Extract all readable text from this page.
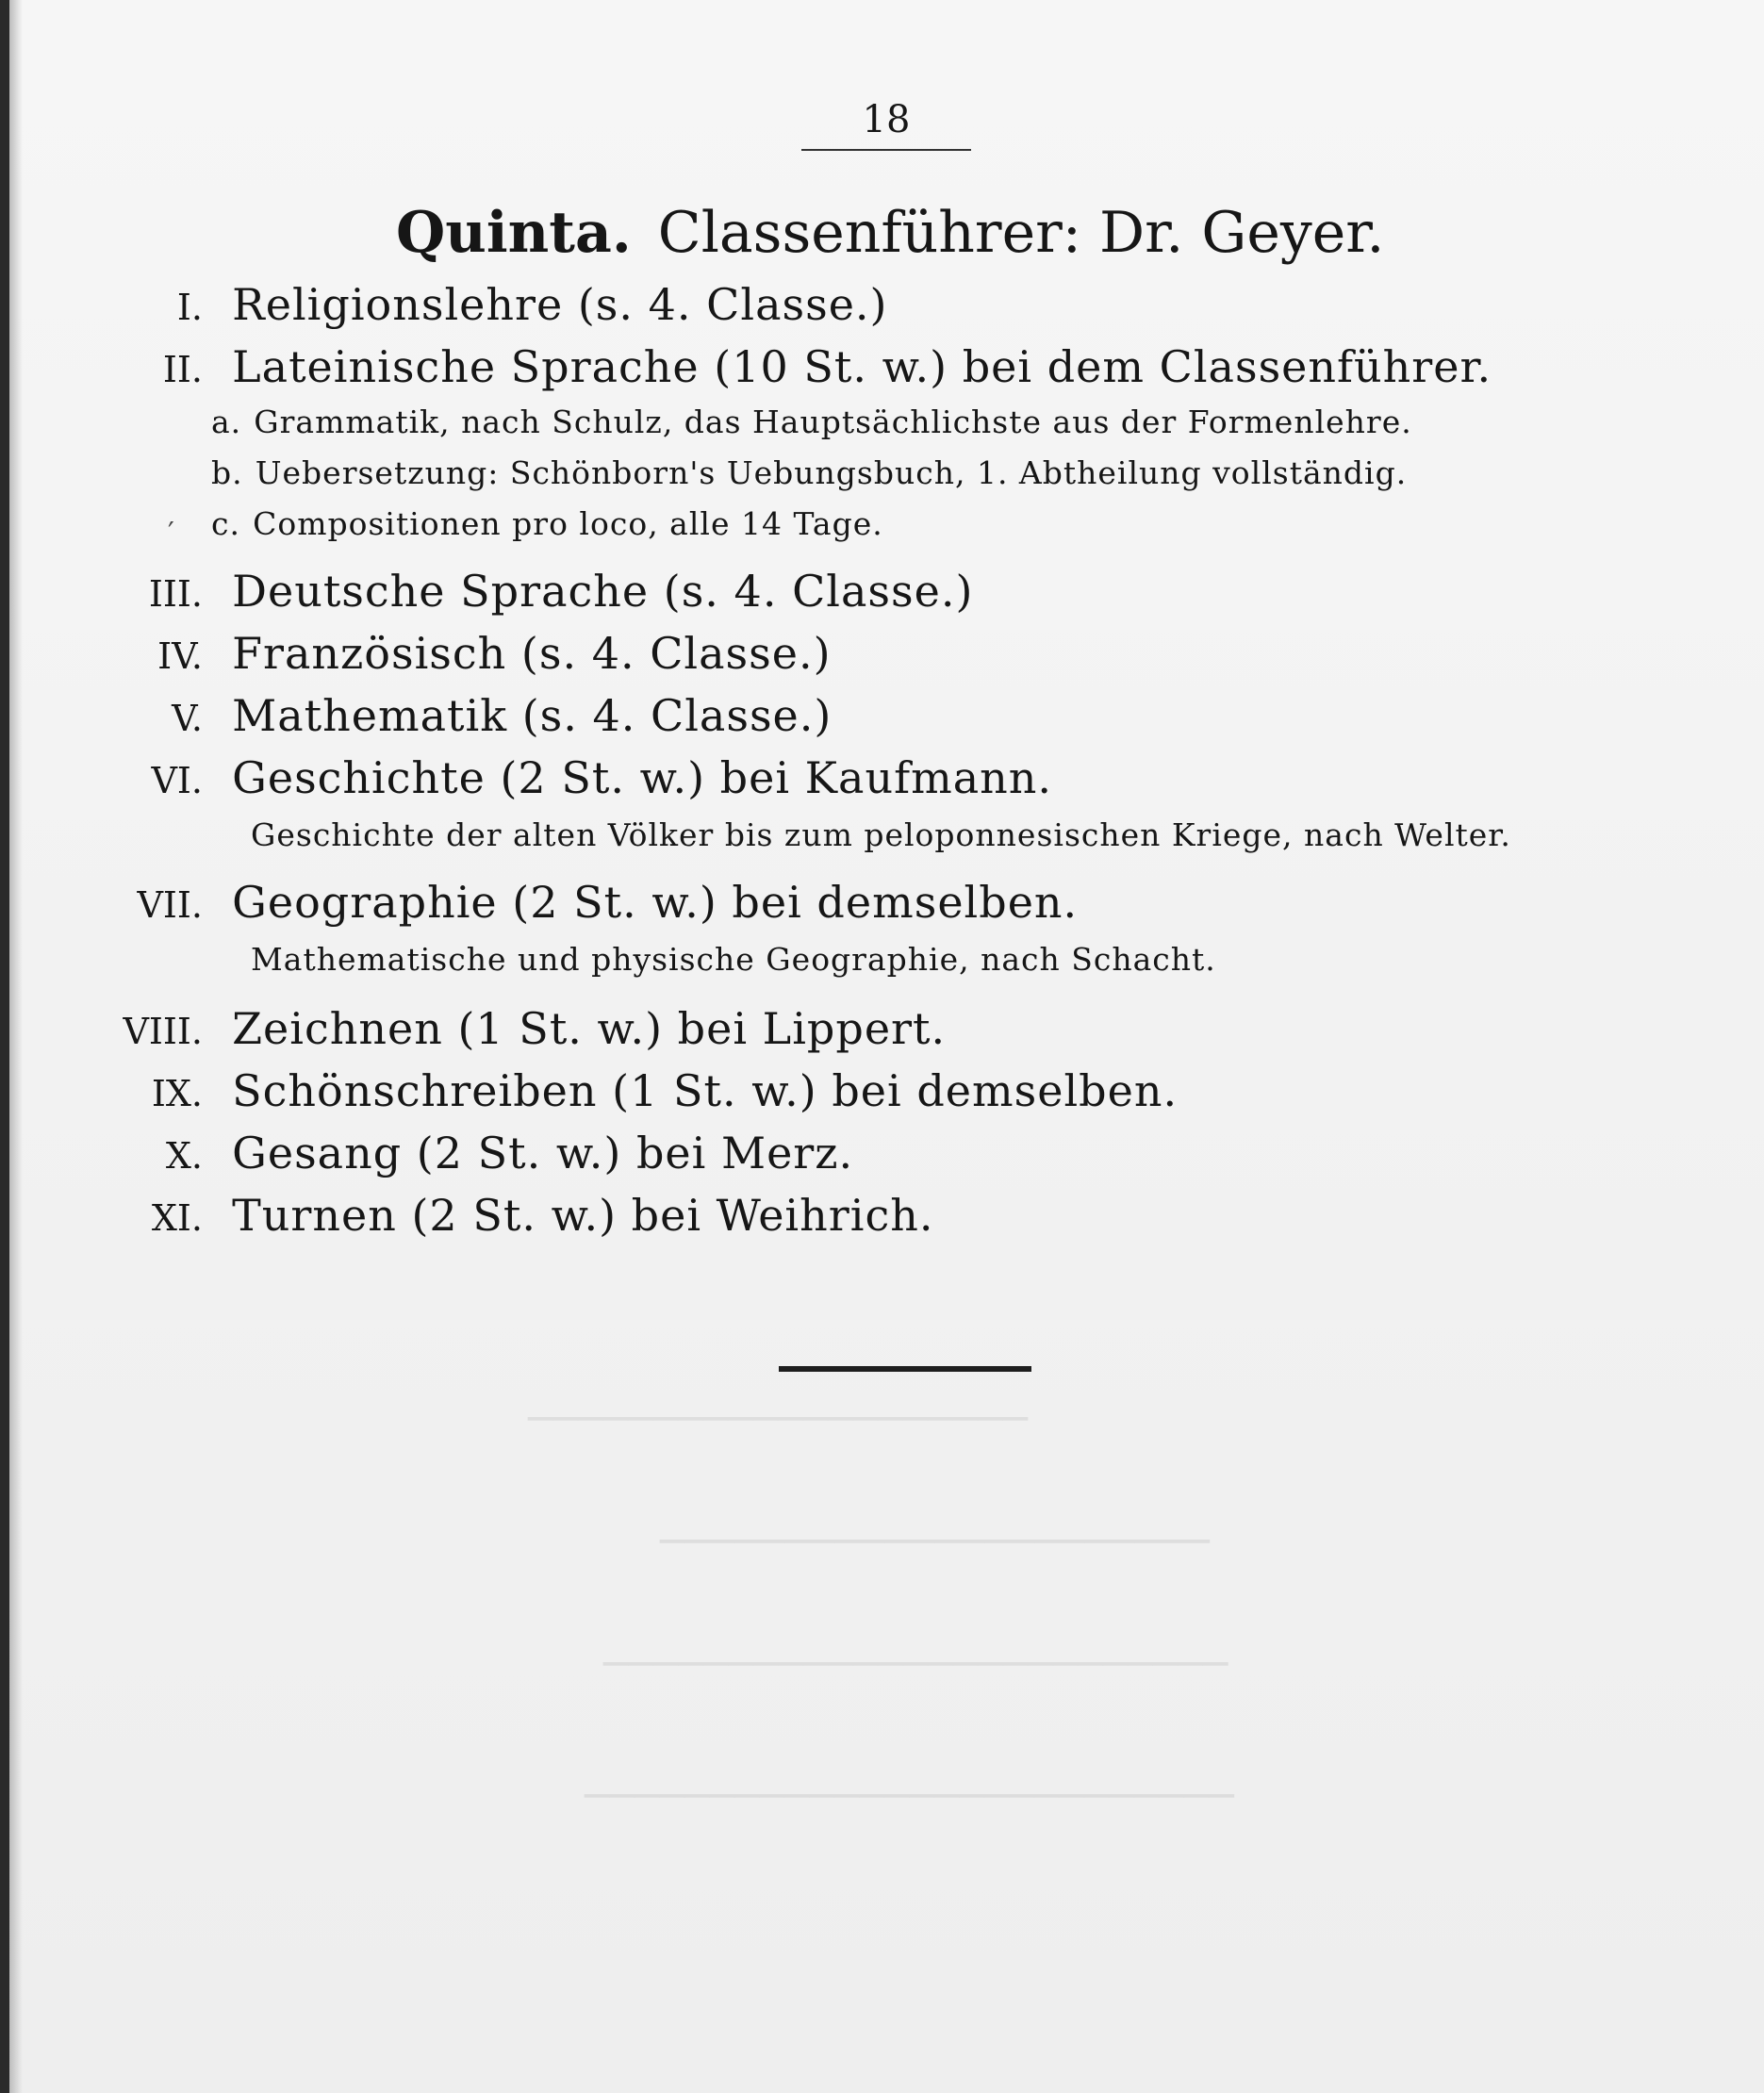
────────────────────
──────────────────────
─────────────────────────
──────────────────────────
18
Quinta. Classenführer: Dr. Geyer.
I. Religionslehre (s. 4. Classe.)
II. Lateinische Sprache (10 St. w.) bei dem Classenführer.
a. Grammatik, nach Schulz, das Hauptsächlichste aus der Formenlehre.
b. Uebersetzung: Schönborn's Uebungsbuch, 1. Abtheilung vollständig.
′ c. Compositionen pro loco, alle 14 Tage.
III. Deutsche Sprache (s. 4. Classe.)
IV. Französisch (s. 4. Classe.)
V. Mathematik (s. 4. Classe.)
VI. Geschichte (2 St. w.) bei Kaufmann.
Geschichte der alten Völker bis zum peloponnesischen Kriege, nach Welter.
VII. Geographie (2 St. w.) bei demselben.
Mathematische und physische Geographie, nach Schacht.
VIII. Zeichnen (1 St. w.) bei Lippert.
IX. Schönschreiben (1 St. w.) bei demselben.
X. Gesang (2 St. w.) bei Merz.
XI. Turnen (2 St. w.) bei Weihrich.
